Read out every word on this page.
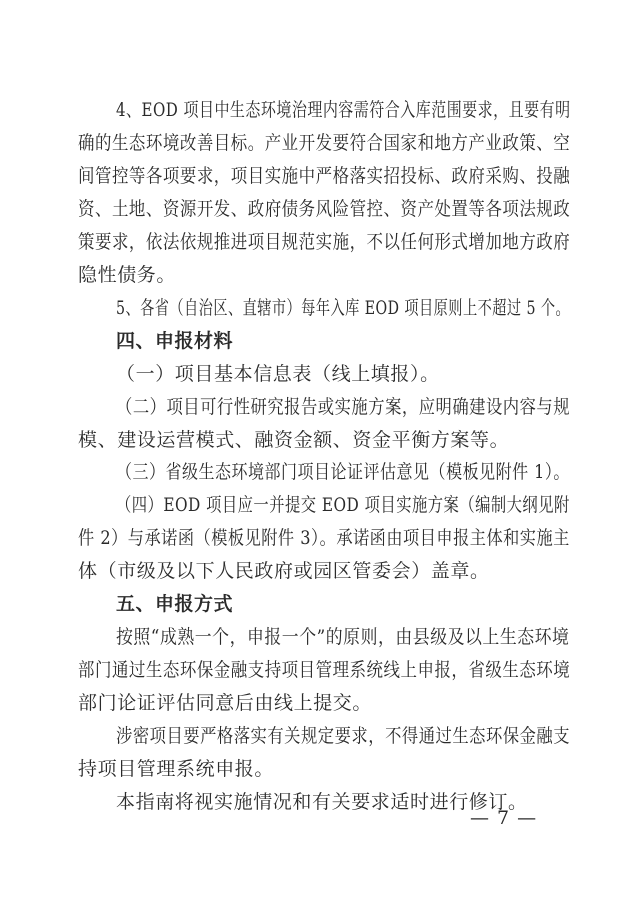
4、EOD 项目中生态环境治理内容需符合入库范围要求，且要有明
确的生态环境改善目标。产业开发要符合国家和地方产业政策、空
间管控等各项要求，项目实施中严格落实招投标、政府采购、投融
资、土地、资源开发、政府债务风险管控、资产处置等各项法规政
策要求，依法依规推进项目规范实施，不以任何形式增加地方政府
隐性债务。
5、各省（自治区、直辖市）每年入库 EOD 项目原则上不超过 5 个。
四、申报材料
（一）项目基本信息表（线上填报）。
（二）项目可行性研究报告或实施方案，应明确建设内容与规
模、建设运营模式、融资金额、资金平衡方案等。
（三）省级生态环境部门项目论证评估意见（模板见附件 1）。
（四）EOD 项目应一并提交 EOD 项目实施方案（编制大纲见附
件 2）与承诺函（模板见附件 3）。承诺函由项目申报主体和实施主
体（市级及以下人民政府或园区管委会）盖章。
五、申报方式
按照“成熟一个，申报一个”的原则，由县级及以上生态环境
部门通过生态环保金融支持项目管理系统线上申报，省级生态环境
部门论证评估同意后由线上提交。
涉密项目要严格落实有关规定要求，不得通过生态环保金融支
持项目管理系统申报。
本指南将视实施情况和有关要求适时进行修订。
— 7 —
